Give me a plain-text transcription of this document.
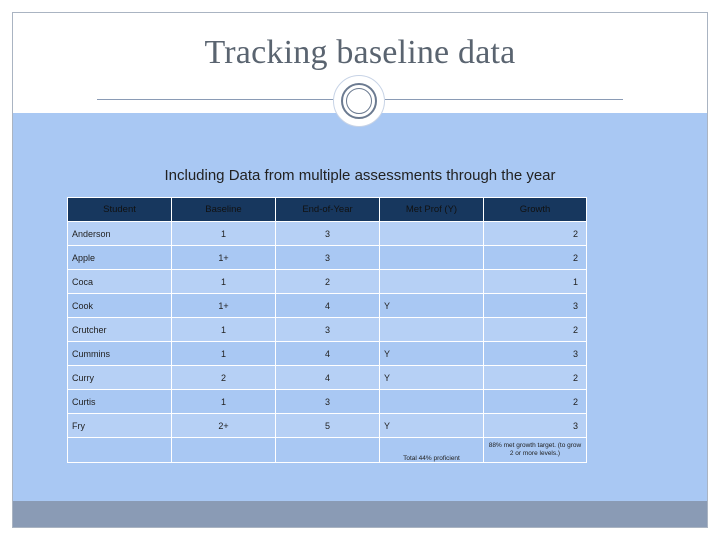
Tracking baseline data
Including Data from multiple assessments through the year
Student	Baseline	End-of-Year	Met Prof (Y)	Growth
Anderson	1	3		2
Apple	1+	3		2
Coca	1	2		1
Cook	1+	4	Y	3
Crutcher	1	3		2
Cummins	1	4	Y	3
Curry	2	4	Y	2
Curtis	1	3		2
Fry	2+	5	Y	3
			Total 44% proficient	88% met growth target. (to grow 2 or more levels.)
